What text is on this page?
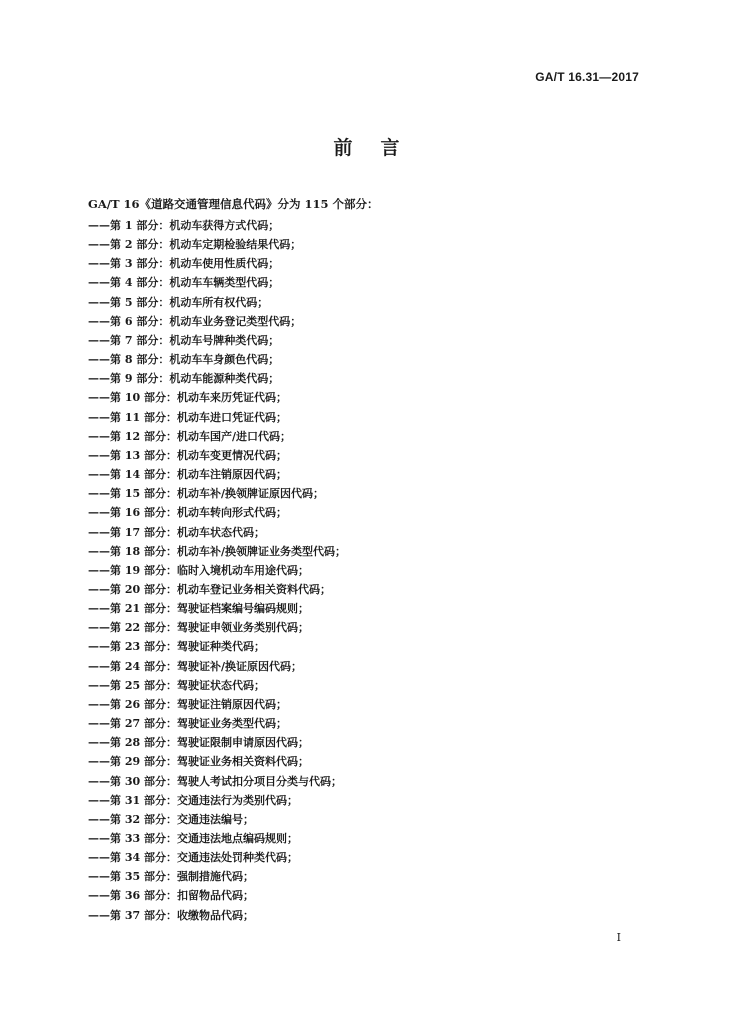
GA/T 16.31—2017
前言
GA/T 16《道路交通管理信息代码》分为 115 个部分：
——第 1 部分：机动车获得方式代码；
——第 2 部分：机动车定期检验结果代码；
——第 3 部分：机动车使用性质代码；
——第 4 部分：机动车车辆类型代码；
——第 5 部分：机动车所有权代码；
——第 6 部分：机动车业务登记类型代码；
——第 7 部分：机动车号牌种类代码；
——第 8 部分：机动车车身颜色代码；
——第 9 部分：机动车能源种类代码；
——第 10 部分：机动车来历凭证代码；
——第 11 部分：机动车进口凭证代码；
——第 12 部分：机动车国产/进口代码；
——第 13 部分：机动车变更情况代码；
——第 14 部分：机动车注销原因代码；
——第 15 部分：机动车补/换领牌证原因代码；
——第 16 部分：机动车转向形式代码；
——第 17 部分：机动车状态代码；
——第 18 部分：机动车补/换领牌证业务类型代码；
——第 19 部分：临时入境机动车用途代码；
——第 20 部分：机动车登记业务相关资料代码；
——第 21 部分：驾驶证档案编号编码规则；
——第 22 部分：驾驶证申领业务类别代码；
——第 23 部分：驾驶证种类代码；
——第 24 部分：驾驶证补/换证原因代码；
——第 25 部分：驾驶证状态代码；
——第 26 部分：驾驶证注销原因代码；
——第 27 部分：驾驶证业务类型代码；
——第 28 部分：驾驶证限制申请原因代码；
——第 29 部分：驾驶证业务相关资料代码；
——第 30 部分：驾驶人考试扣分项目分类与代码；
——第 31 部分：交通违法行为类别代码；
——第 32 部分：交通违法编号；
——第 33 部分：交通违法地点编码规则；
——第 34 部分：交通违法处罚种类代码；
——第 35 部分：强制措施代码；
——第 36 部分：扣留物品代码；
——第 37 部分：收缴物品代码；
I
